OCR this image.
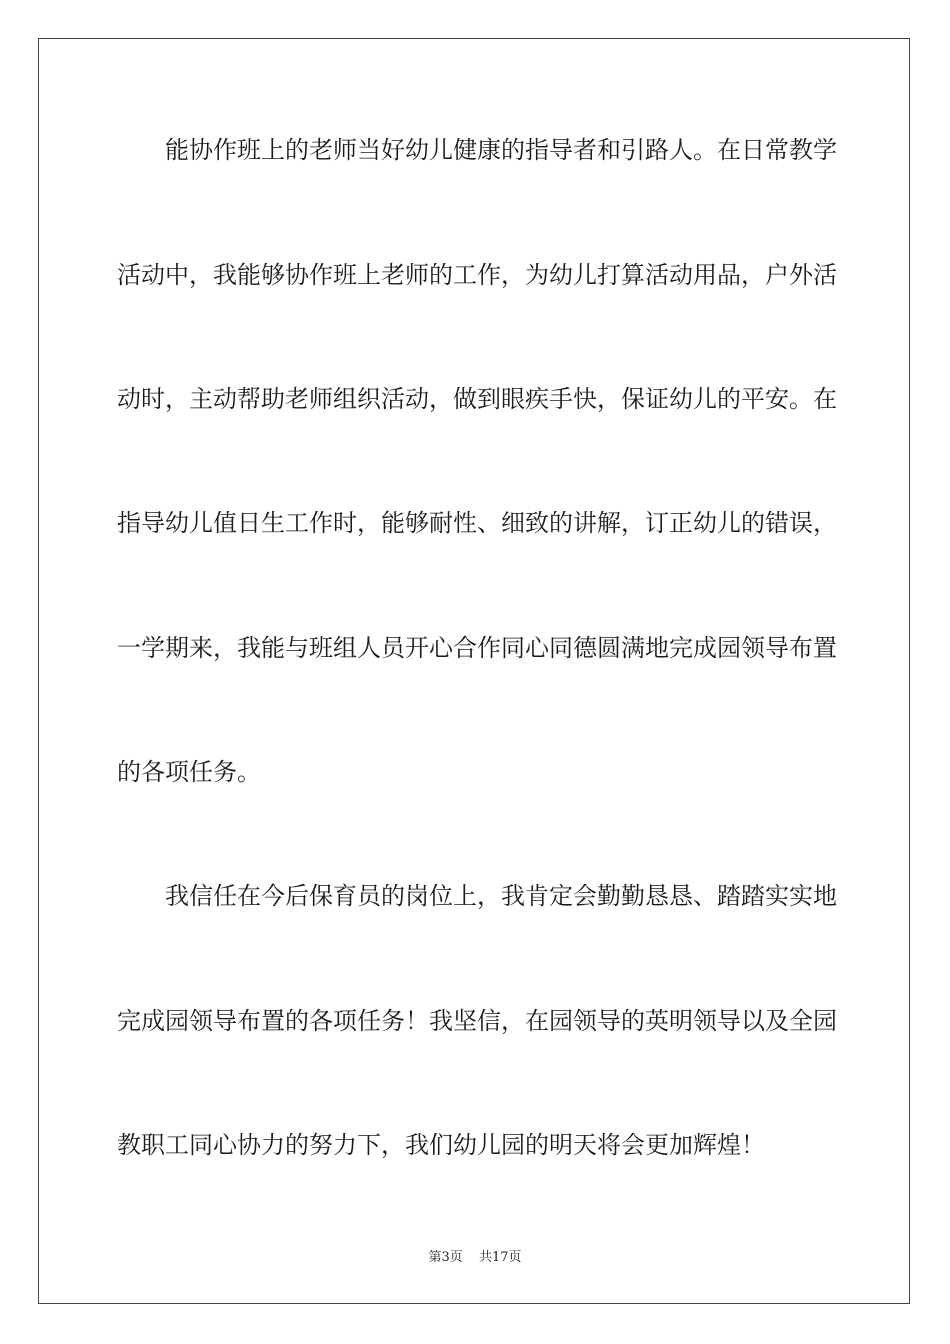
　　能协作班上的老师当好幼儿健康的指导者和引路人。在日常教学
活动中，我能够协作班上老师的工作，为幼儿打算活动用品，户外活
动时，主动帮助老师组织活动，做到眼疾手快，保证幼儿的平安。在
指导幼儿值日生工作时，能够耐性、细致的讲解，订正幼儿的错误，
一学期来，我能与班组人员开心合作同心同德圆满地完成园领导布置
的各项任务。
　　我信任在今后保育员的岗位上，我肯定会勤勤恳恳、踏踏实实地
完成园领导布置的各项任务！我坚信，在园领导的英明领导以及全园
教职工同心协力的努力下，我们幼儿园的明天将会更加辉煌！
第3页 共17页
